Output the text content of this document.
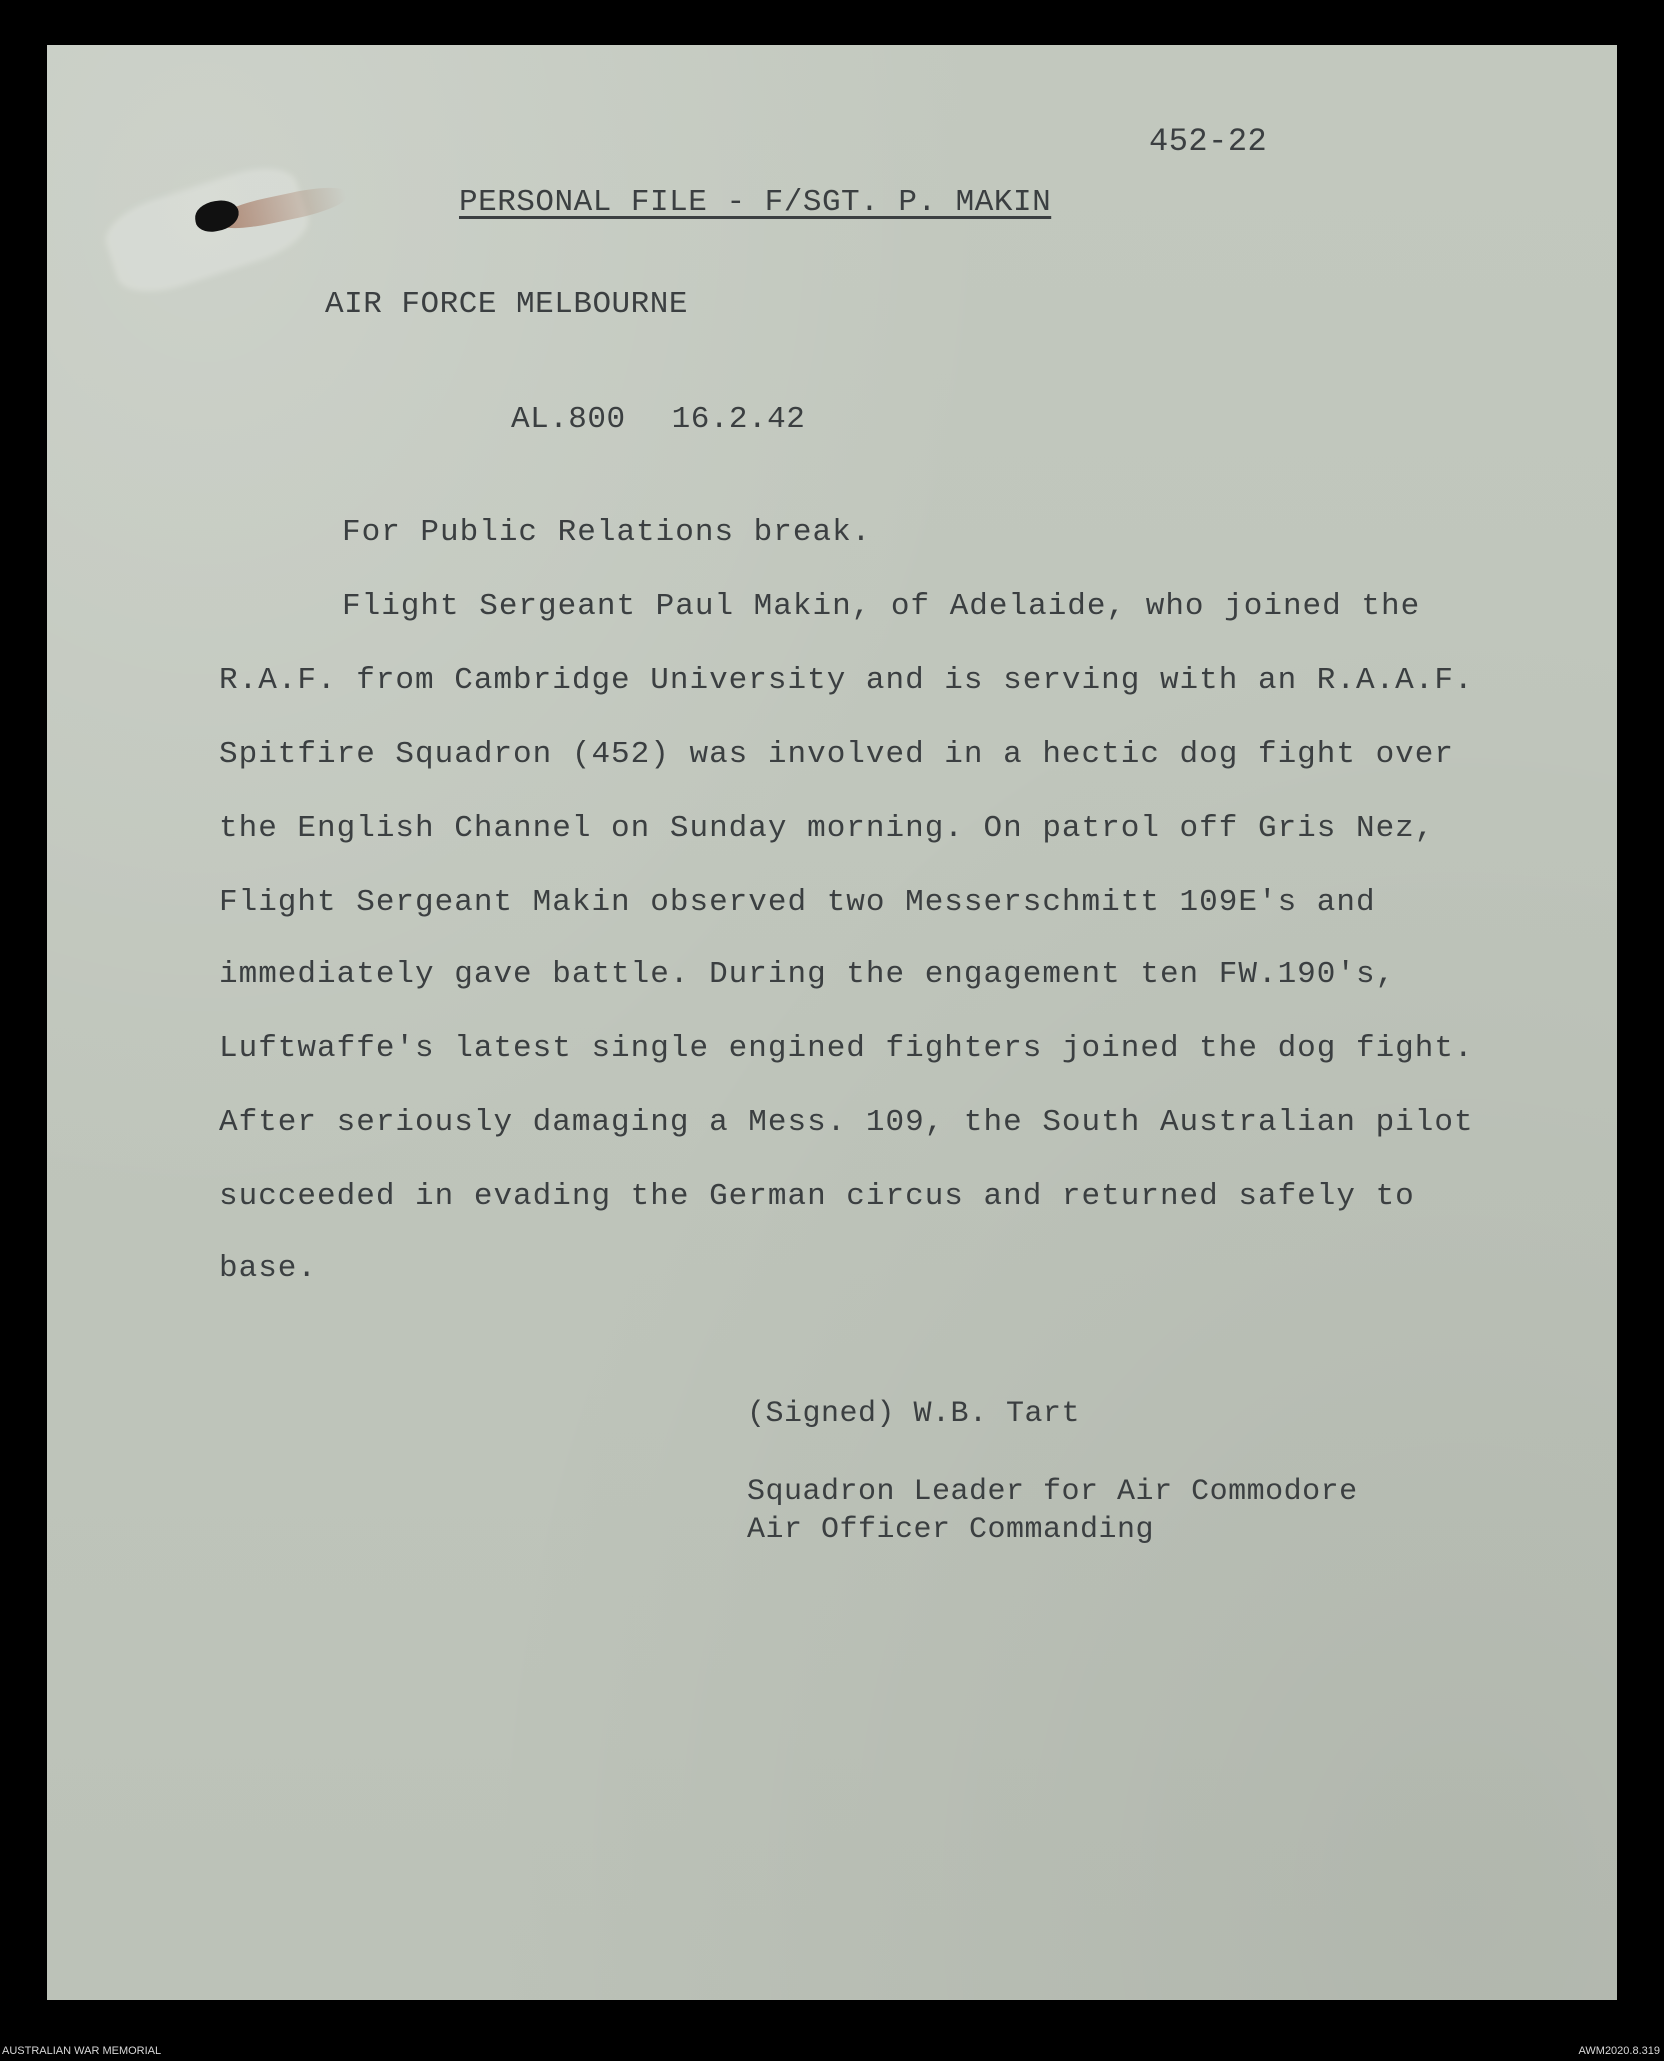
452-22
PERSONAL FILE - F/SGT. P. MAKIN
AIR FORCE MELBOURNE
AL.800 16.2.42
For Public Relations break.
Flight Sergeant Paul Makin, of Adelaide, who joined the
R.A.F. from Cambridge University and is serving with an R.A.A.F.
Spitfire Squadron (452) was involved in a hectic dog fight over
the English Channel on Sunday morning. On patrol off Gris Nez,
Flight Sergeant Makin observed two Messerschmitt 109E's and
immediately gave battle. During the engagement ten FW.190's,
Luftwaffe's latest single engined fighters joined the dog fight.
After seriously damaging a Mess. 109, the South Australian pilot
succeeded in evading the German circus and returned safely to
base.
(Signed) W.B. Tart
Squadron Leader for Air Commodore
Air Officer Commanding
AUSTRALIAN WAR MEMORIAL	AWM2020.8.319
